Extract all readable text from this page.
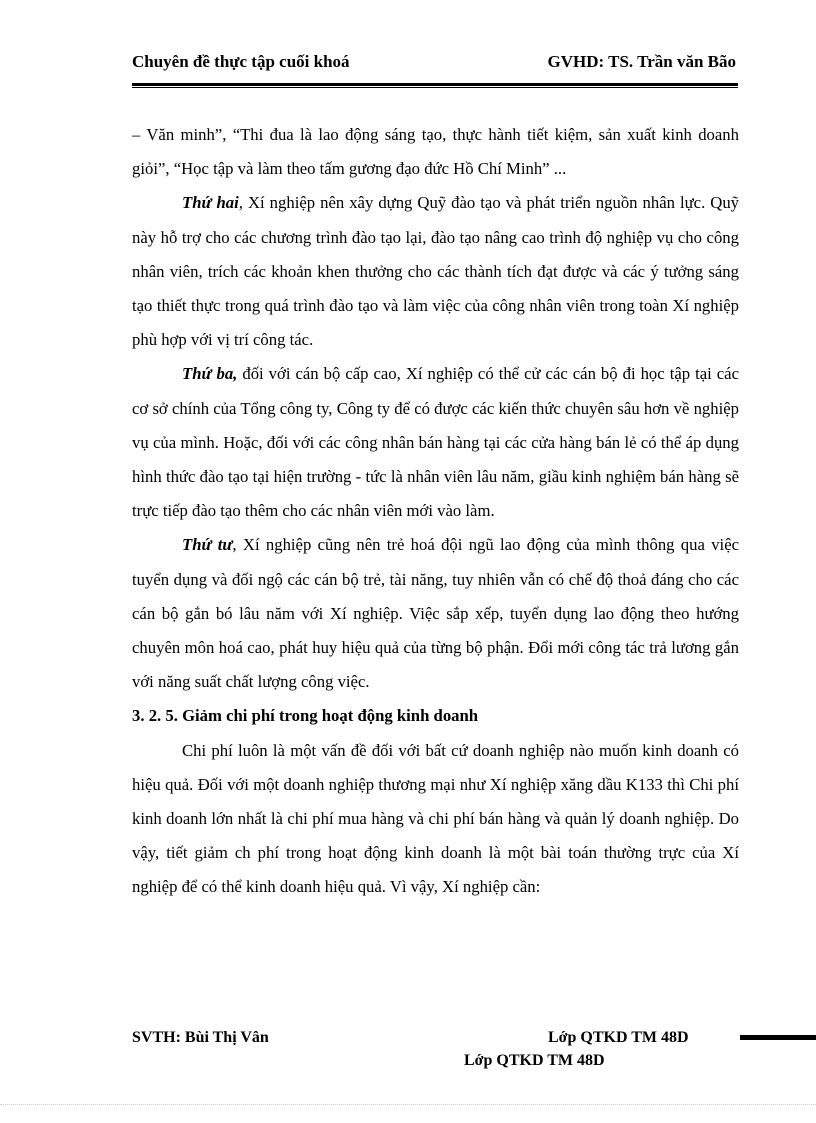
Chuyên đề thực tập cuối khoá	GVHD: TS. Trần văn Bão

– Văn minh”, “Thi đua là lao động sáng tạo, thực hành tiết kiệm, sản xuất kinh doanh giỏi”, “Học tập và làm theo tấm gương đạo đức Hồ Chí Minh” ...

Thứ hai, Xí nghiệp nên xây dựng Quỹ đào tạo và phát triển nguồn nhân lực. Quỹ này hỗ trợ cho các chương trình đào tạo lại, đào tạo nâng cao trình độ nghiệp vụ cho công nhân viên, trích các khoản khen thưởng cho các thành tích đạt được và các ý tưởng sáng tạo thiết thực trong quá trình đào tạo và làm việc của công nhân viên trong toàn Xí nghiệp phù hợp với vị trí công tác.

Thứ ba, đối với cán bộ cấp cao, Xí nghiệp có thể cử các cán bộ đi học tập tại các cơ sở chính của Tổng công ty, Công ty để có được các kiến thức chuyên sâu hơn về nghiệp vụ của mình. Hoặc, đối với các công nhân bán hàng tại các cửa hàng bán lẻ có thể áp dụng hình thức đào tạo tại hiện trường - tức là nhân viên lâu năm, giầu kinh nghiệm bán hàng sẽ trực tiếp đào tạo thêm cho các nhân viên mới vào làm.

Thứ tư, Xí nghiệp cũng nên trẻ hoá đội ngũ lao động của mình thông qua việc tuyển dụng và đối ngộ các cán bộ trẻ, tài năng, tuy nhiên vẫn có chế độ thoả đáng cho các cán bộ gắn bó lâu năm với Xí nghiệp. Việc sắp xếp, tuyển dụng lao động theo hướng chuyên môn hoá cao, phát huy hiệu quả của từng bộ phận. Đổi mới công tác trả lương gắn với năng suất chất lượng công việc.

3. 2. 5. Giảm chi phí trong hoạt động kinh doanh

Chi phí luôn là một vấn đề đối với bất cứ doanh nghiệp nào muốn kinh doanh có hiệu quả. Đối với một doanh nghiệp thương mại như Xí nghiệp xăng dầu K133 thì Chi phí kinh doanh lớn nhất là chi phí mua hàng và chi phí bán hàng và quản lý doanh nghiệp. Do vậy, tiết giảm ch phí trong hoạt động kinh doanh là một bài toán thường trực của Xí nghiệp để có thể kinh doanh hiệu quả. Vì vậy, Xí nghiệp cần:

SVTH: Bùi Thị Vân	Lớp QTKD TM 48D
Lớp QTKD TM 48D
